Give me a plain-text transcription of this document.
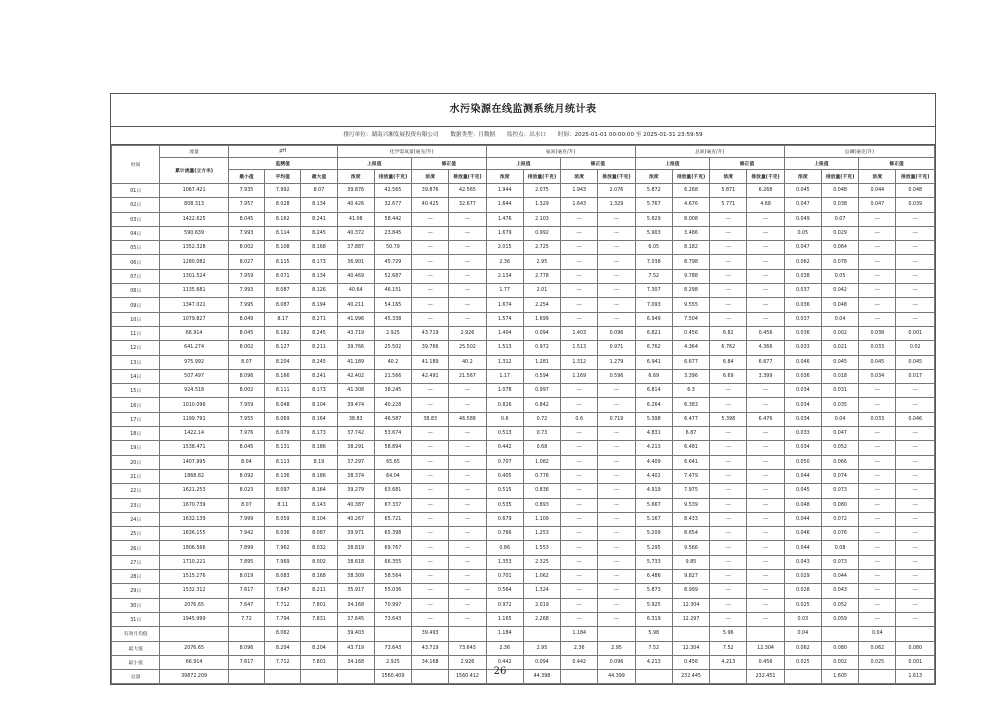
水污染源在线监测系统月统计表
排污单位：湖南兴湘发展投资有限公司 数据类型：月数据 监控点：出水口 时间：2025-01-01 00:00:00 至 2025-01-31 23:59:59
时间	流量	pH			化学需氧量(毫克/升)				氨氮(毫克/升)				总氮(毫克/升)				总磷(毫克/升)			
	累计流量(立方米)	监测值			上报值		修正值		上报值		修正值		上报值		修正值		上报值		修正值	
		最小值	平均值	最大值	浓度	排放量(千克)	浓度	排放量(千克)	浓度	排放量(千克)	浓度	排放量(千克)	浓度	排放量(千克)	浓度	排放量(千克)	浓度	排放量(千克)	浓度	排放量(千克)
01日	1067.421	7.935	7.992	8.07	39.876	42.565	39.876	42.565	1.944	2.075	1.943	2.076	5.872	6.268	5.871	6.268	0.045	0.048	0.044	0.048
02日	808.313	7.957	8.028	8.134	40.426	32.677	40.425	32.677	1.644	1.329	1.643	1.329	5.767	4.676	5.771	4.68	0.047	0.038	0.047	0.039
03日	1422.625	8.045	8.162	8.241	41.08	58.442	---	---	1.476	2.103	---	---	5.629	8.008	---	---	0.049	0.07	---	---
04日	590.639	7.993	8.114	8.245	40.372	23.845	---	---	1.679	0.992	---	---	5.903	3.486	---	---	0.05	0.029	---	---
05日	1352.328	8.002	8.108	8.168	37.887	50.79	---	---	2.015	2.725	---	---	6.05	8.182	---	---	0.047	0.064	---	---
06日	1280.082	8.027	8.115	8.173	36.901	45.729	---	---	2.36	2.95	---	---	7.038	8.798	---	---	0.062	0.078	---	---
07日	1301.524	7.959	8.071	8.134	40.469	52.687	---	---	2.134	2.778	---	---	7.52	9.788	---	---	0.038	0.05	---	---
08日	1135.681	7.993	8.087	8.126	40.64	46.151	---	---	1.77	2.01	---	---	7.307	8.298	---	---	0.037	0.042	---	---
09日	1347.021	7.995	8.087	8.194	40.211	54.165	---	---	1.674	2.254	---	---	7.093	9.555	---	---	0.036	0.048	---	---
10日	1079.827	8.049	8.17	8.271	41.996	45.338	---	---	1.574	1.699	---	---	6.949	7.504	---	---	0.037	0.04	---	---
11日	66.914	8.045	8.162	8.245	43.719	2.925	43.719	2.926	1.404	0.094	1.403	0.096	6.821	0.456	6.82	0.456	0.036	0.002	0.038	0.001
12日	641.274	8.002	8.127	8.211	39.766	25.502	39.766	25.502	1.513	0.972	1.513	0.971	6.762	4.364	6.762	4.366	0.033	0.021	0.033	0.02
13日	975.992	8.07	8.204	8.245	41.189	40.2	41.189	40.2	1.312	1.281	1.312	1.279	6.941	6.677	6.84	6.677	0.046	0.045	0.045	0.045
14日	507.497	8.096	8.166	8.241	42.402	21.566	42.491	21.567	1.17	0.594	1.169	0.596	6.69	3.396	6.69	3.399	0.036	0.018	0.034	0.017
15日	924.518	8.002	8.111	8.173	41.308	38.245	---	---	1.078	0.997	---	---	6.814	6.3	---	---	0.034	0.031	---	---
16日	1010.096	7.959	8.048	8.104	39.474	40.228	---	---	0.826	0.842	---	---	6.264	6.383	---	---	0.034	0.035	---	---
17日	1199.791	7.955	8.069	8.164	38.83	46.587	38.83	46.588	0.6	0.72	0.6	0.719	5.398	6.477	5.398	6.476	0.034	0.04	0.033	0.046
18日	1422.14	7.976	8.079	8.173	37.742	53.674	---	---	0.513	0.73	---	---	4.831	6.87	---	---	0.033	0.047	---	---
19日	1538.471	8.045	8.131	8.186	38.291	58.894	---	---	0.442	0.68	---	---	4.213	6.481	---	---	0.034	0.052	---	---
20日	1407.995	8.04	8.113	8.19	37.297	65.65	---	---	0.707	1.082	---	---	4.409	6.641	---	---	0.050	0.066	---	---
21日	1868.82	8.092	8.136	8.186	38.374	64.04	---	---	0.405	0.776	---	---	4.402	7.479	---	---	0.044	0.074	---	---
22日	1621.253	8.023	8.097	8.164	39.279	63.681	---	---	0.515	0.836	---	---	4.919	7.975	---	---	0.045	0.073	---	---
23日	1670.739	8.07	8.11	8.143	40.387	67.337	---	---	0.535	0.893	---	---	5.667	9.539	---	---	0.048	0.080	---	---
24日	1632.139	7.999	8.059	8.104	40.267	65.721	---	---	0.679	1.109	---	---	5.167	8.433	---	---	0.044	0.072	---	---
25日	1636.155	7.942	8.036	8.087	39.971	65.398	---	---	0.766	1.253	---	---	5.209	8.654	---	---	0.046	0.076	---	---
26日	1806.566	7.899	7.962	8.032	38.819	69.767	---	---	0.86	1.553	---	---	5.295	9.566	---	---	0.044	0.08	---	---
27日	1710.221	7.895	7.969	8.002	38.618	66.355	---	---	1.353	2.325	---	---	5.733	9.85	---	---	0.043	0.073	---	---
28日	1515.276	8.019	8.083	8.168	38.309	58.564	---	---	0.701	1.062	---	---	6.486	9.827	---	---	0.029	0.044	---	---
29日	1532.312	7.617	7.847	8.211	35.917	55.036	---	---	0.564	1.324	---	---	5.873	8.999	---	---	0.028	0.043	---	---
30日	2076.65	7.647	7.712	7.801	34.168	70.997	---	---	0.972	2.019	---	---	5.925	12.304	---	---	0.025	0.052	---	---
31日	1945.999	7.72	7.794	7.831	37.645	73.643	---	---	1.165	2.268	---	---	6.319	12.297	---	---	0.03	0.059	---	---
有效月均值			8.062		39.403		39.493		1.184		1.184		5.98		5.96		0.04		0.04	
最大值	2076.65	8.096	8.204	8.204	43.719	73.643	43.719	73.643	2.36	2.95	2.36	2.95	7.52	12.304	7.52	12.304	0.062	0.080	0.062	0.080
最小值	66.914	7.617	7.712	7.801	34.168	2.925	34.168	2.926	0.442	0.094	0.442	0.096	4.213	0.456	4.213	0.456	0.025	0.002	0.025	0.001
总量	39872.209					1560.409		1560.412		44.398		44.399		232.445		232.451		1.605		1.613
26
